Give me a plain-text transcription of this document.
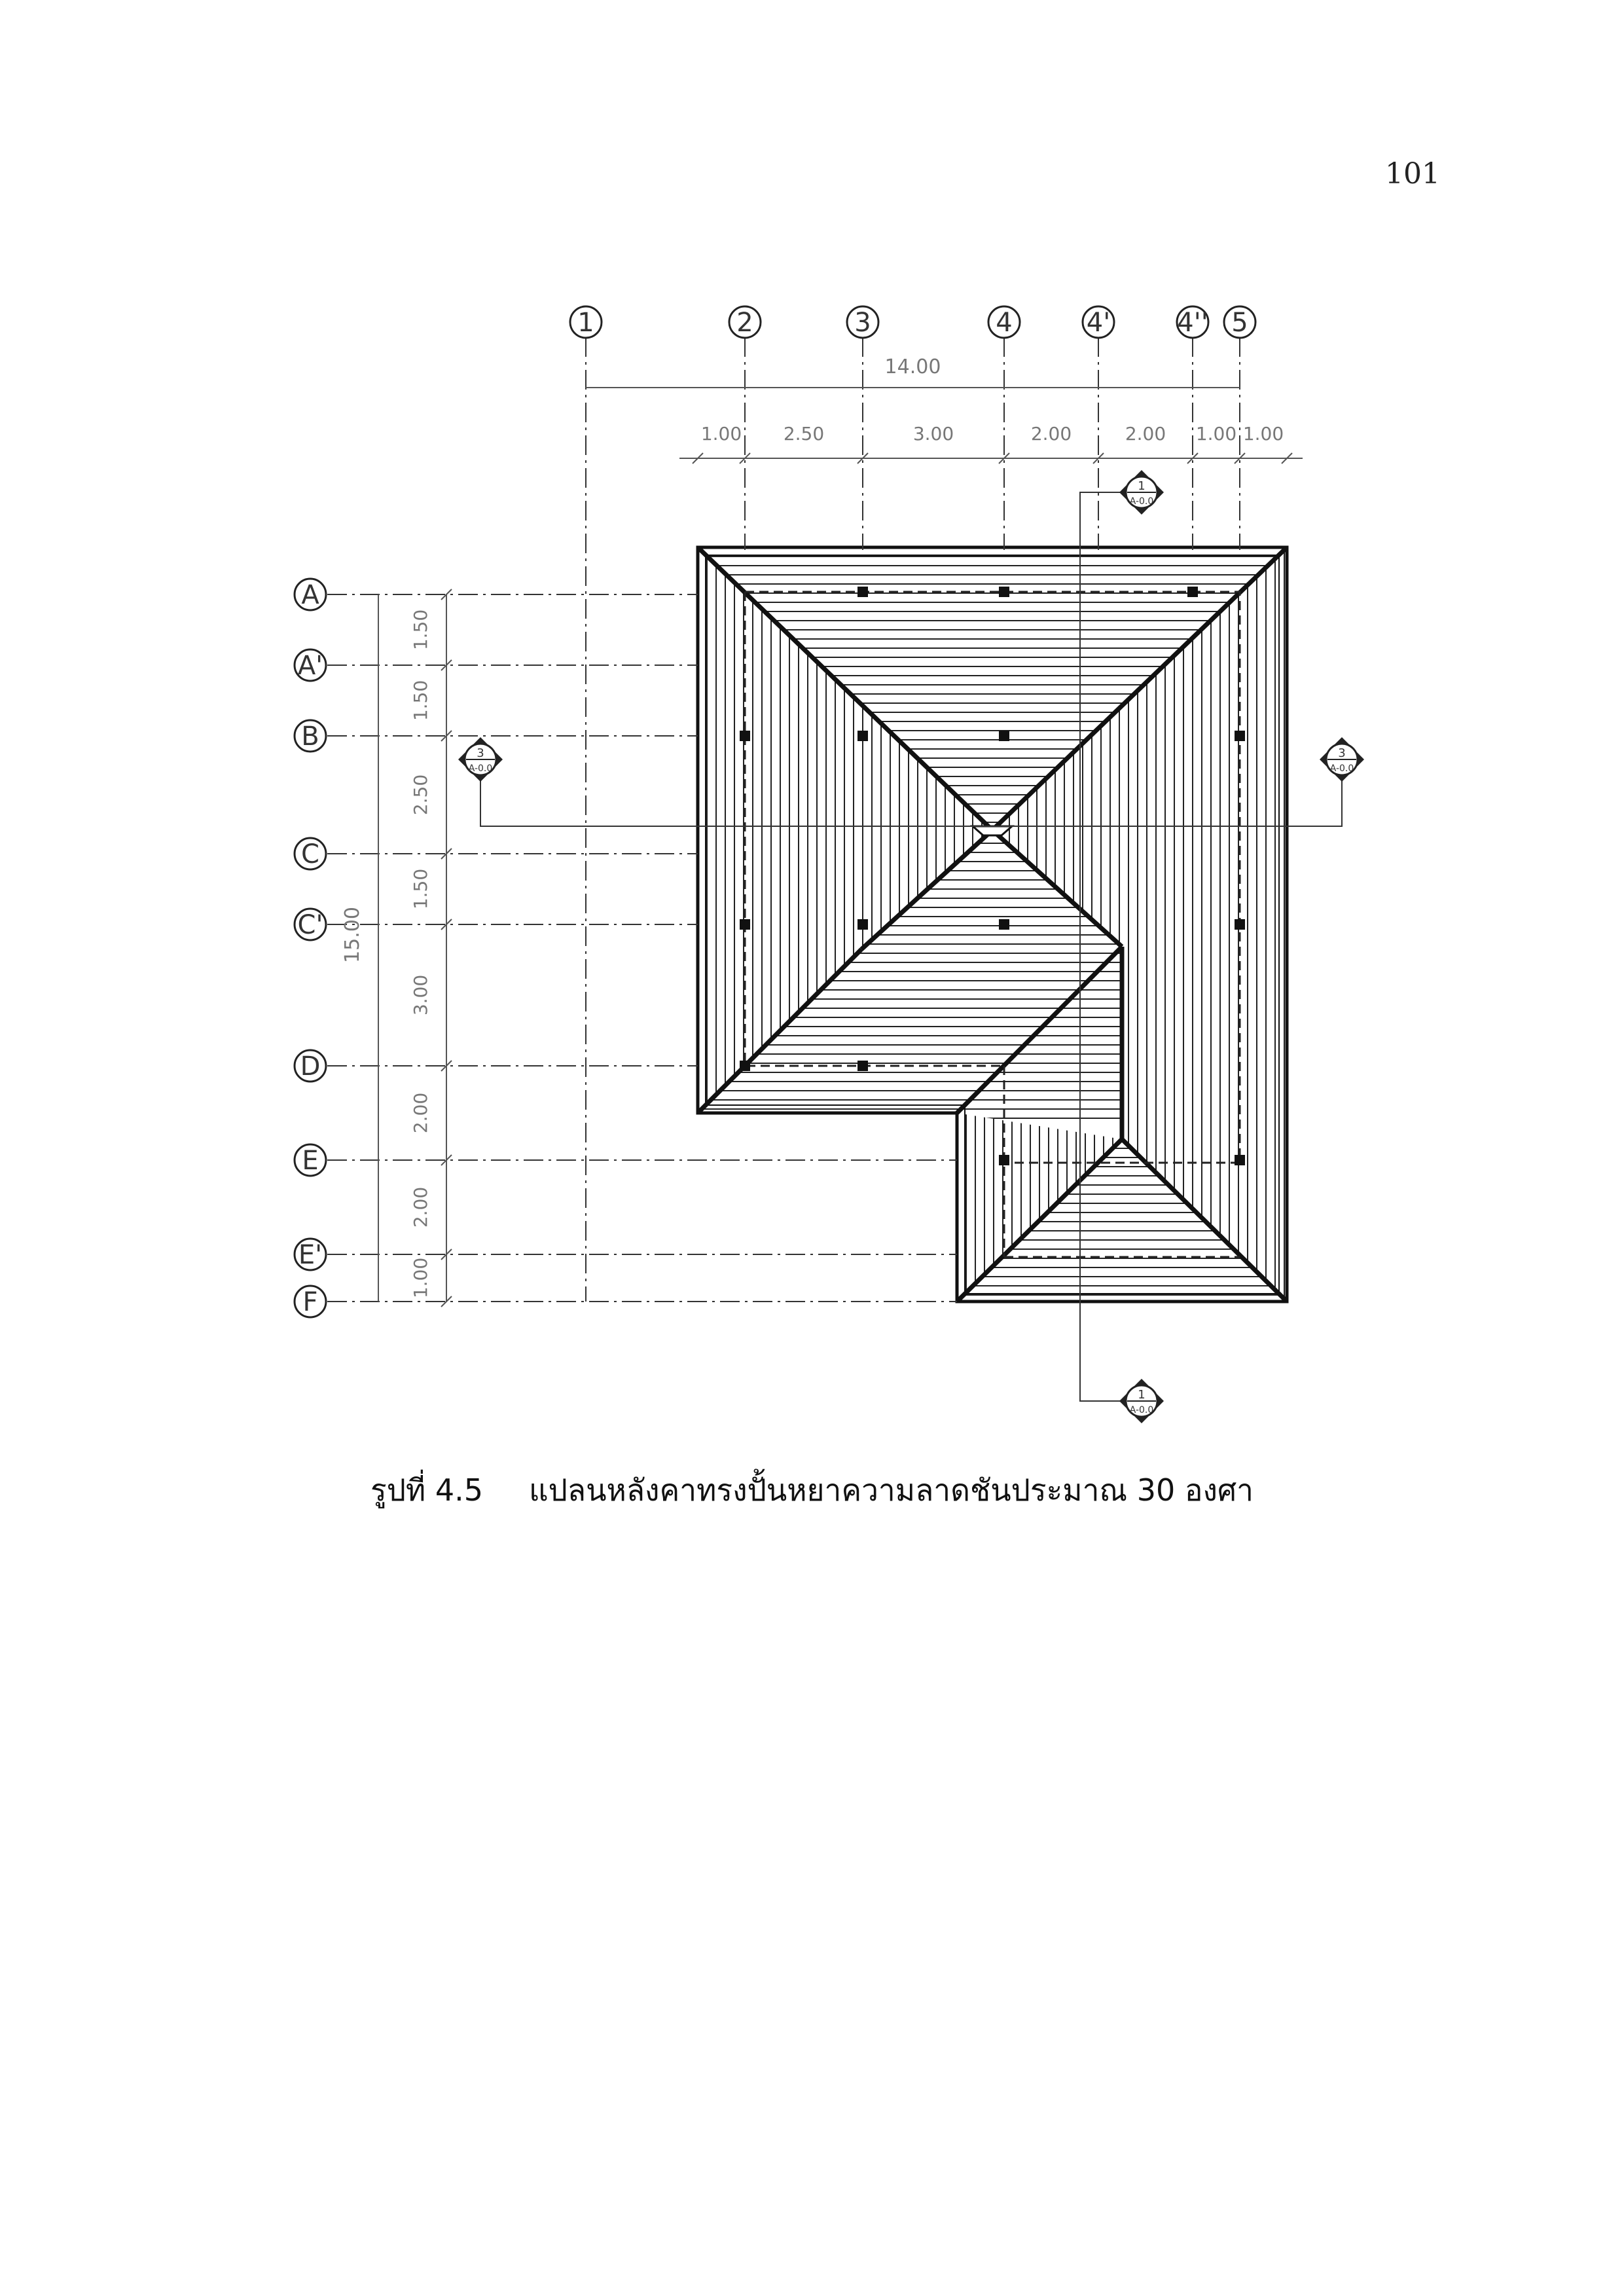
101
14.00
1.00 2.50	3.00	2.00	2.00 1.00 1.00
15.00
1.50
1.50
2.50
1.50
3.00
2.00
2.00
1.00
1
A-0.0
3
A-0.0
3
A-0.0
1
A-0.0
1	2	3	4	4'	4'' 5
A
A'
B
C
C'
D
E
E'
F
รูปที่ 4.5 แปลนหลังคาทรงปั้นหยาความลาดชันประมาณ 30 องศา
